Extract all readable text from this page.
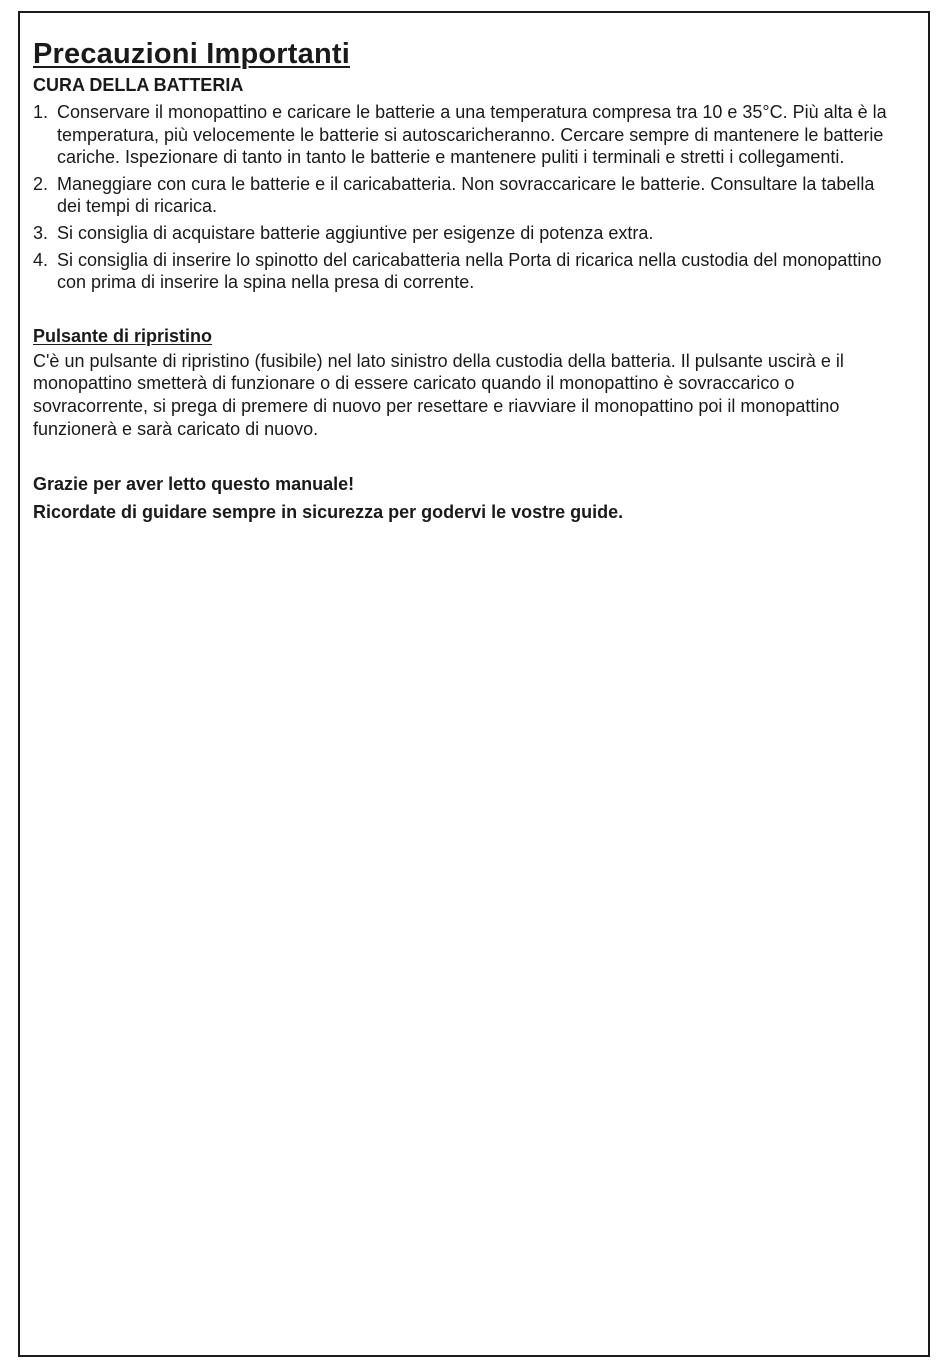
Precauzioni Importanti
CURA DELLA BATTERIA
1. Conservare il monopattino e caricare le batterie a una temperatura compresa tra 10 e 35°C. Più alta è la temperatura, più velocemente le batterie si autoscaricheranno. Cercare sempre di mantenere le batterie cariche. Ispezionare di tanto in tanto le batterie e mantenere puliti i terminali e stretti i collegamenti.
2. Maneggiare con cura le batterie e il caricabatteria. Non sovraccaricare le batterie. Consultare la tabella dei tempi di ricarica.
3. Si consiglia di acquistare batterie aggiuntive per esigenze di potenza extra.
4. Si consiglia di inserire lo spinotto del caricabatteria nella Porta di ricarica nella custodia del monopattino con prima di inserire la spina nella presa di corrente.
Pulsante di ripristino

C'è un pulsante di ripristino (fusibile) nel lato sinistro della custodia della batteria. Il pulsante uscirà e il monopattino smetterà di funzionare o di essere caricato quando il monopattino è sovraccarico o sovracorrente, si prega di premere di nuovo per resettare e riavviare il monopattino poi il monopattino funzionerà e sarà caricato di nuovo.

Grazie per aver letto questo manuale!

Ricordate di guidare sempre in sicurezza per godervi le vostre guide.
